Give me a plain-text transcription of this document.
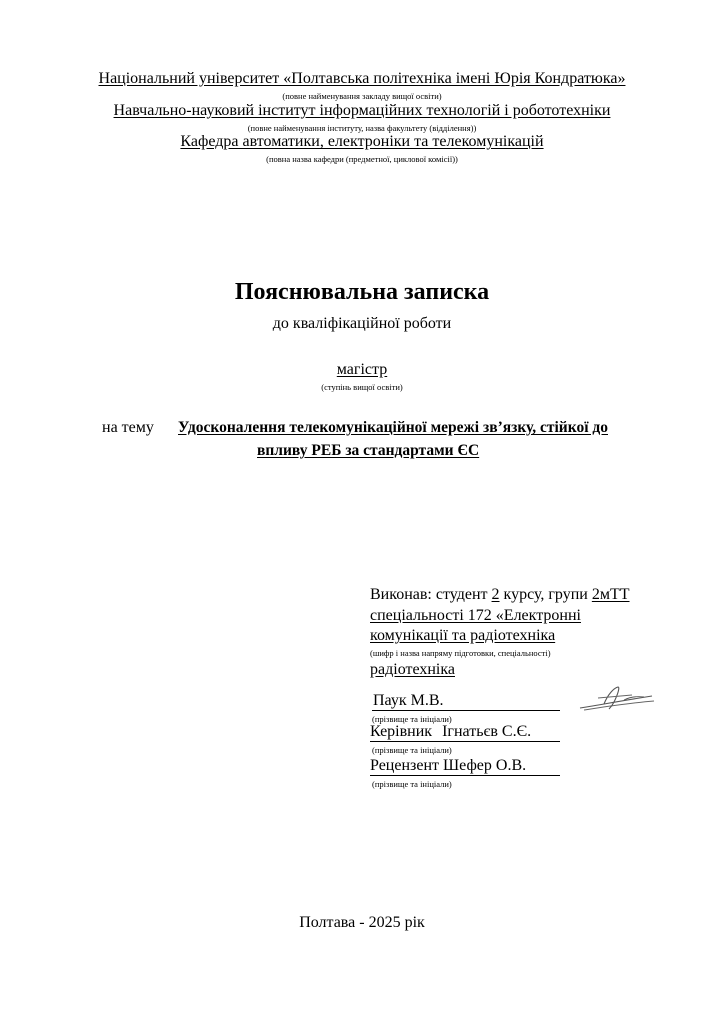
Національний університет «Полтавська політехніка імені Юрія Кондратюка»
(повне найменування закладу вищої освіти)
Навчально-науковий інститут інформаційних технологій і робототехніки
(повне найменування інституту, назва факультету (відділення))
Кафедра автоматики, електроніки та телекомунікацій
(повна назва кафедри (предметної, циклової комісії))
Пояснювальна записка
до кваліфікаційної роботи
магістр
(ступінь вищої освіти)
на тему Удосконалення телекомунікаційної мережі зв’язку, стійкої до
впливу РЕБ за стандартами ЄС
Виконав: студент 2 курсу, групи 2мТТ
спеціальності 172 «Електронні
комунікації та радіотехніка
(шифр і назва напряму підготовки, спеціальності)
радіотехніка
Паук М.В.
(прізвище та ініціали)
Керівник Ігнатьєв С.Є.
(прізвище та ініціали)
Рецензент Шефер О.В.
(прізвище та ініціали)
Полтава - 2025 рік
